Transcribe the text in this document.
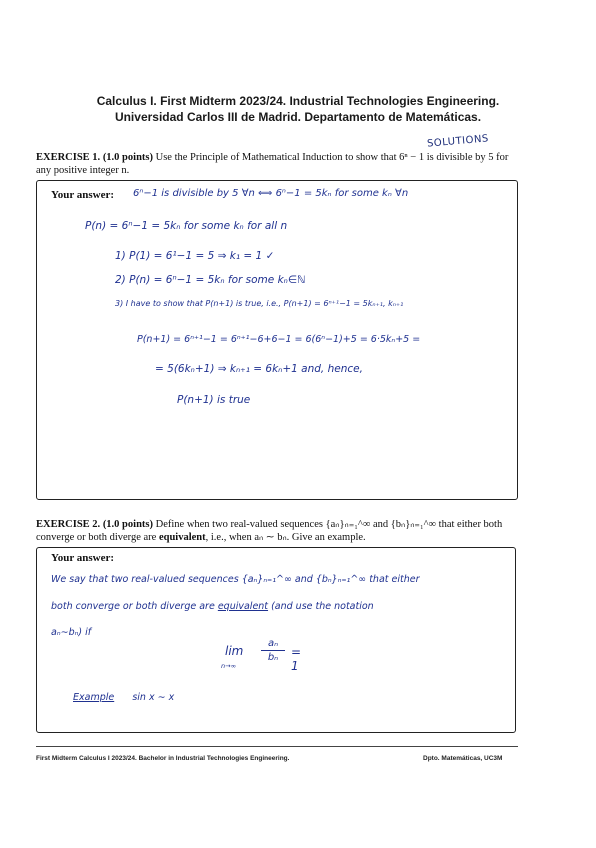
Calculus I. First Midterm 2023/24. Industrial Technologies Engineering.
Universidad Carlos III de Madrid. Departamento de Matemáticas.
SOLUTIONS
EXERCISE 1. (1.0 points) Use the Principle of Mathematical Induction to show that 6ⁿ − 1 is divisible by 5 for any positive integer n.
Your answer: 6ⁿ−1 is divisible by 5 ∀n ⟺ 6ⁿ−1 = 5kₙ for some kₙ ∀n
P(n) = 6ⁿ−1 = 5kₙ for some kₙ for all n
1) P(1) = 6¹−1 = 5 ⇒ k₁ = 1 ✓
2) P(n) = 6ⁿ−1 = 5kₙ for some kₙ∈ℕ
3) I have to show that P(n+1) is true, i.e., P(n+1) = 6ⁿ⁺¹−1 = 5kₙ₊₁, kₙ₊₁
P(n+1) = 6ⁿ⁺¹−1 = 6ⁿ⁺¹−6+6−1 = 6(6ⁿ−1)+5 = 6·5kₙ+5 =
= 5(6kₙ+1) ⇒ kₙ₊₁ = 6kₙ+1 and, hence,
P(n+1) is true
EXERCISE 2. (1.0 points) Define when two real-valued sequences {aₙ}ₙ₌₁^∞ and {bₙ}ₙ₌₁^∞ that either both converge or both diverge are equivalent, i.e., when aₙ ∼ bₙ. Give an example.
Your answer:
We say that two real-valued sequences {aₙ}ₙ₌₁^∞ and {bₙ}ₙ₌₁^∞ that either
both converge or both diverge are equivalent (and use the notation
aₙ∼bₙ) if
lim
n→∞
aₙ
bₙ	= 1
Example sin x ∼ x
First Midterm Calculus I 2023/24. Bachelor in Industrial Technologies Engineering.	Dpto. Matemáticas, UC3M
